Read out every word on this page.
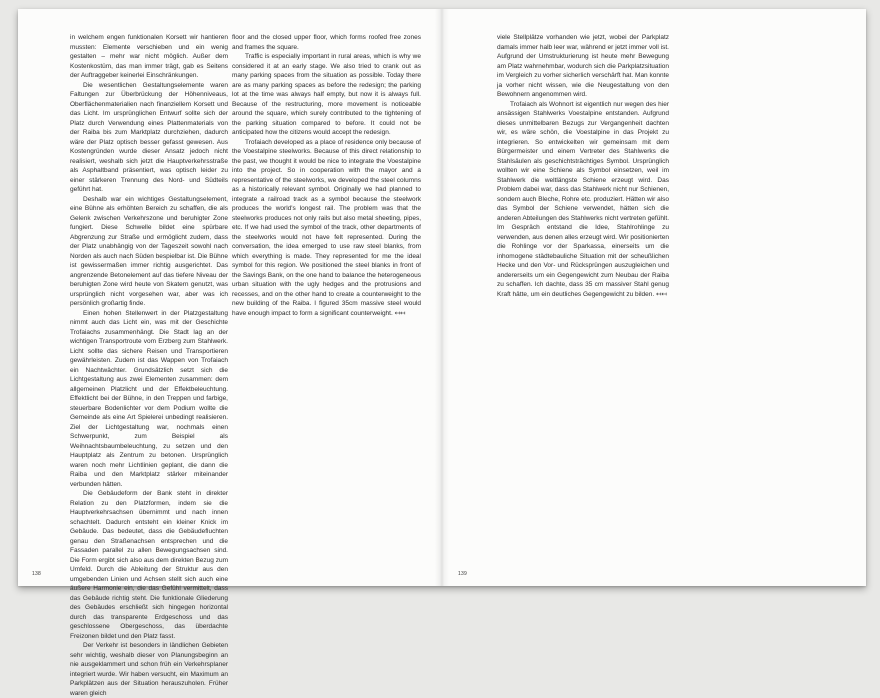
in welchem engen funktionalen Korsett wir hantieren mussten: Elemente verschieben und ein wenig gestalten – mehr war nicht möglich. Außer dem Kostenkostüm, das man immer trägt, gab es Seitens der Auftraggeber keinerlei Einschränkungen.

Die wesentlichen Gestaltungselemente waren Faltungen zur Überbrückung der Höhenniveaus, Oberflächenmaterialien nach finanziellem Korsett und das Licht. Im ursprünglichen Entwurf sollte sich der Platz durch Verwendung eines Plattenmaterials von der Raiba bis zum Marktplatz durchziehen, dadurch wäre der Platz optisch besser gefasst gewesen. Aus Kostengründen wurde dieser Ansatz jedoch nicht realisiert, weshalb sich jetzt die Hauptverkehrsstraße als Asphaltband präsentiert, was optisch leider zu einer stärkeren Trennung des Nord- und Südteils geführt hat.

Deshalb war ein wichtiges Gestaltungselement, eine Bühne als erhöhten Bereich zu schaffen, die als Gelenk zwischen Verkehrszone und beruhigter Zone fungiert. Diese Schwelle bildet eine spürbare Abgrenzung zur Straße und ermöglicht zudem, dass der Platz unabhängig von der Tageszeit sowohl nach Norden als auch nach Süden bespielbar ist. Die Bühne ist gewissermaßen immer richtig ausgerichtet. Das angrenzende Betonelement auf das tiefere Niveau der beruhigten Zone wird heute von Skatern genutzt, was ursprünglich nicht vorgesehen war, aber was ich persönlich großartig finde.

Einen hohen Stellenwert in der Platzgestaltung nimmt auch das Licht ein, was mit der Geschichte Trofaiachs zusammenhängt. Die Stadt lag an der wichtigen Transportroute vom Erzberg zum Stahlwerk. Licht sollte das sichere Reisen und Transportieren gewährleisten. Zudem ist das Wappen von Trofaiach ein Nachtwächter. Grundsätzlich setzt sich die Lichtgestaltung aus zwei Elementen zusammen: dem allgemeinen Platzlicht und der Effektbeleuchtung. Effektlicht bei der Bühne, in den Treppen und farbige, steuerbare Bodenlichter vor dem Podium wollte die Gemeinde als eine Art Spielerei unbedingt realisieren. Ziel der Lichtgestaltung war, nochmals einen Schwerpunkt, zum Beispiel als Weihnachtsbaumbeleuchtung, zu setzen und den Hauptplatz als Zentrum zu betonen. Ursprünglich waren noch mehr Lichtlinien geplant, die dann die Raiba und den Marktplatz stärker miteinander verbunden hätten.

Die Gebäudeform der Bank steht in direkter Relation zu den Platzformen, indem sie die Hauptverkehrsachsen übernimmt und nach innen schachtelt. Dadurch entsteht ein kleiner Knick im Gebäude. Das bedeutet, dass die Gebäudefluchten genau den Straßenachsen entsprechen und die Fassaden parallel zu allen Bewegungsachsen sind. Die Form ergibt sich also aus dem direkten Bezug zum Umfeld. Durch die Ableitung der Struktur aus den umgebenden Linien und Achsen stellt sich auch eine äußere Harmonie ein, die das Gefühl vermittelt, dass das Gebäude richtig steht. Die funktionale Gliederung des Gebäudes erschließt sich hingegen horizontal durch das transparente Erdgeschoss und das geschlossene Obergeschoss, das überdachte Freizonen bildet und den Platz fasst.

Der Verkehr ist besonders in ländlichen Gebieten sehr wichtig, weshalb dieser von Planungsbeginn an nie ausgeklammert und schon früh ein Verkehrsplaner integriert wurde. Wir haben versucht, ein Maximum an Parkplätzen aus der Situation herauszuholen. Früher waren gleich

floor and the closed upper floor, which forms roofed free zones and frames the square.

Traffic is especially important in rural areas, which is why we considered it at an early stage. We also tried to crank out as many parking spaces from the situation as possible. Today there are as many parking spaces as before the redesign; the parking lot at the time was always half empty, but now it is always full. Because of the restructuring, more movement is noticeable around the square, which surely contributed to the tightening of the parking situation compared to before. It could not be anticipated how the citizens would accept the redesign.

Trofaiach developed as a place of residence only because of the Voestalpine steelworks. Because of this direct relationship to the past, we thought it would be nice to integrate the Voestalpine into the project. So in cooperation with the mayor and a representative of the steelworks, we developed the steel columns as a historically relevant symbol. Originally we had planned to integrate a railroad track as a symbol because the steelwork produces the world's longest rail. The problem was that the steelworks produces not only rails but also metal sheeting, pipes, etc. If we had used the symbol of the track, other departments of the steelworks would not have felt represented. During the conversation, the idea emerged to use raw steel blanks, from which everything is made. They represented for me the ideal symbol for this region. We positioned the steel blanks in front of the Savings Bank, on the one hand to balance the heterogeneous urban situation with the ugly hedges and the protrusions and recesses, and on the other hand to create a counterweight to the new building of the Raiba. I figured 35cm massive steel would have enough impact to form a significant counterweight. ↤↤

viele Stellplätze vorhanden wie jetzt, wobei der Parkplatz damals immer halb leer war, während er jetzt immer voll ist. Aufgrund der Umstrukturierung ist heute mehr Bewegung am Platz wahrnehmbar, wodurch sich die Parkplatzsituation im Vergleich zu vorher sicherlich verschärft hat. Man konnte ja vorher nicht wissen, wie die Neugestaltung von den Bewohnern angenommen wird.

Trofaiach als Wohnort ist eigentlich nur wegen des hier ansässigen Stahlwerks Voestalpine entstanden. Aufgrund dieses unmittelbaren Bezugs zur Vergangenheit dachten wir, es wäre schön, die Voestalpine in das Projekt zu integrieren. So entwickelten wir gemeinsam mit dem Bürgermeister und einem Vertreter des Stahlwerks die Stahlsäulen als geschichtsträchtiges Symbol. Ursprünglich wollten wir eine Schiene als Symbol einsetzen, weil im Stahlwerk die weltlängste Schiene erzeugt wird. Das Problem dabei war, dass das Stahlwerk nicht nur Schienen, sondern auch Bleche, Rohre etc. produziert. Hätten wir also das Symbol der Schiene verwendet, hätten sich die anderen Abteilungen des Stahlwerks nicht vertreten gefühlt. Im Gespräch entstand die Idee, Stahlrohlinge zu verwenden, aus denen alles erzeugt wird. Wir positionierten die Rohlinge vor der Sparkassa, einerseits um die inhomogene städtebauliche Situation mit der scheußlichen Hecke und den Vor- und Rücksprüngen auszugleichen und andererseits um ein Gegengewicht zum Neubau der Raiba zu schaffen. Ich dachte, dass 35 cm massiver Stahl genug Kraft hätte, um ein deutliches Gegengewicht zu bilden. ↤↤

138	139
